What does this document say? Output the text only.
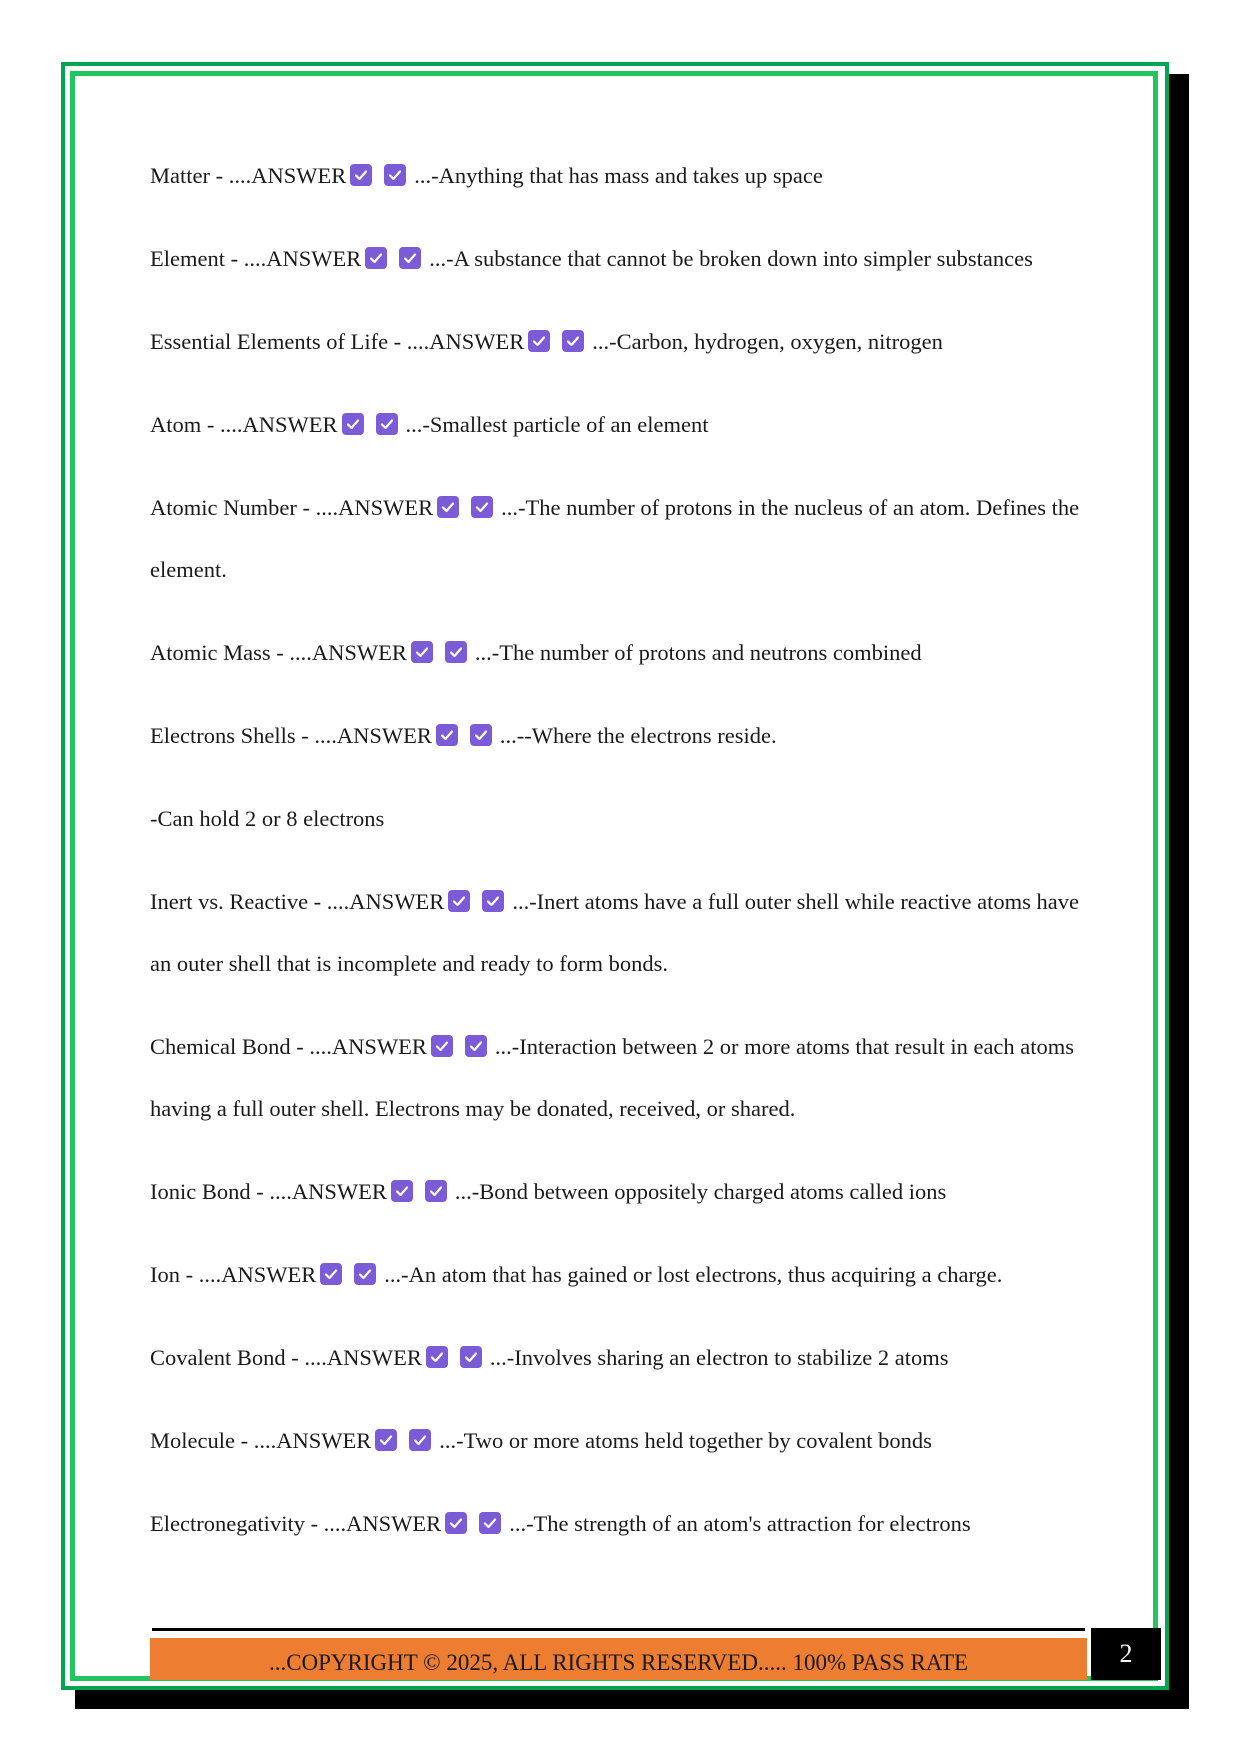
Matter - ....ANSWER	...-Anything that has mass and takes up space
Element - ....ANSWER	...-A substance that cannot be broken down into simpler substances
Essential Elements of Life - ....ANSWER	...-Carbon, hydrogen, oxygen, nitrogen
Atom - ....ANSWER	...-Smallest particle of an element
Atomic Number - ....ANSWER	...-The number of protons in the nucleus of an atom. Defines the element.
Atomic Mass - ....ANSWER	...-The number of protons and neutrons combined
Electrons Shells - ....ANSWER	...--Where the electrons reside.
-Can hold 2 or 8 electrons
Inert vs. Reactive - ....ANSWER	...-Inert atoms have a full outer shell while reactive atoms have an outer shell that is incomplete and ready to form bonds.
Chemical Bond - ....ANSWER	...-Interaction between 2 or more atoms that result in each atoms having a full outer shell. Electrons may be donated, received, or shared.
Ionic Bond - ....ANSWER	...-Bond between oppositely charged atoms called ions
Ion - ....ANSWER	...-An atom that has gained or lost electrons, thus acquiring a charge.
Covalent Bond - ....ANSWER	...-Involves sharing an electron to stabilize 2 atoms
Molecule - ....ANSWER	...-Two or more atoms held together by covalent bonds
Electronegativity - ....ANSWER	...-The strength of an atom's attraction for electrons
...COPYRIGHT © 2025, ALL RIGHTS RESERVED..... 100% PASS RATE	2
